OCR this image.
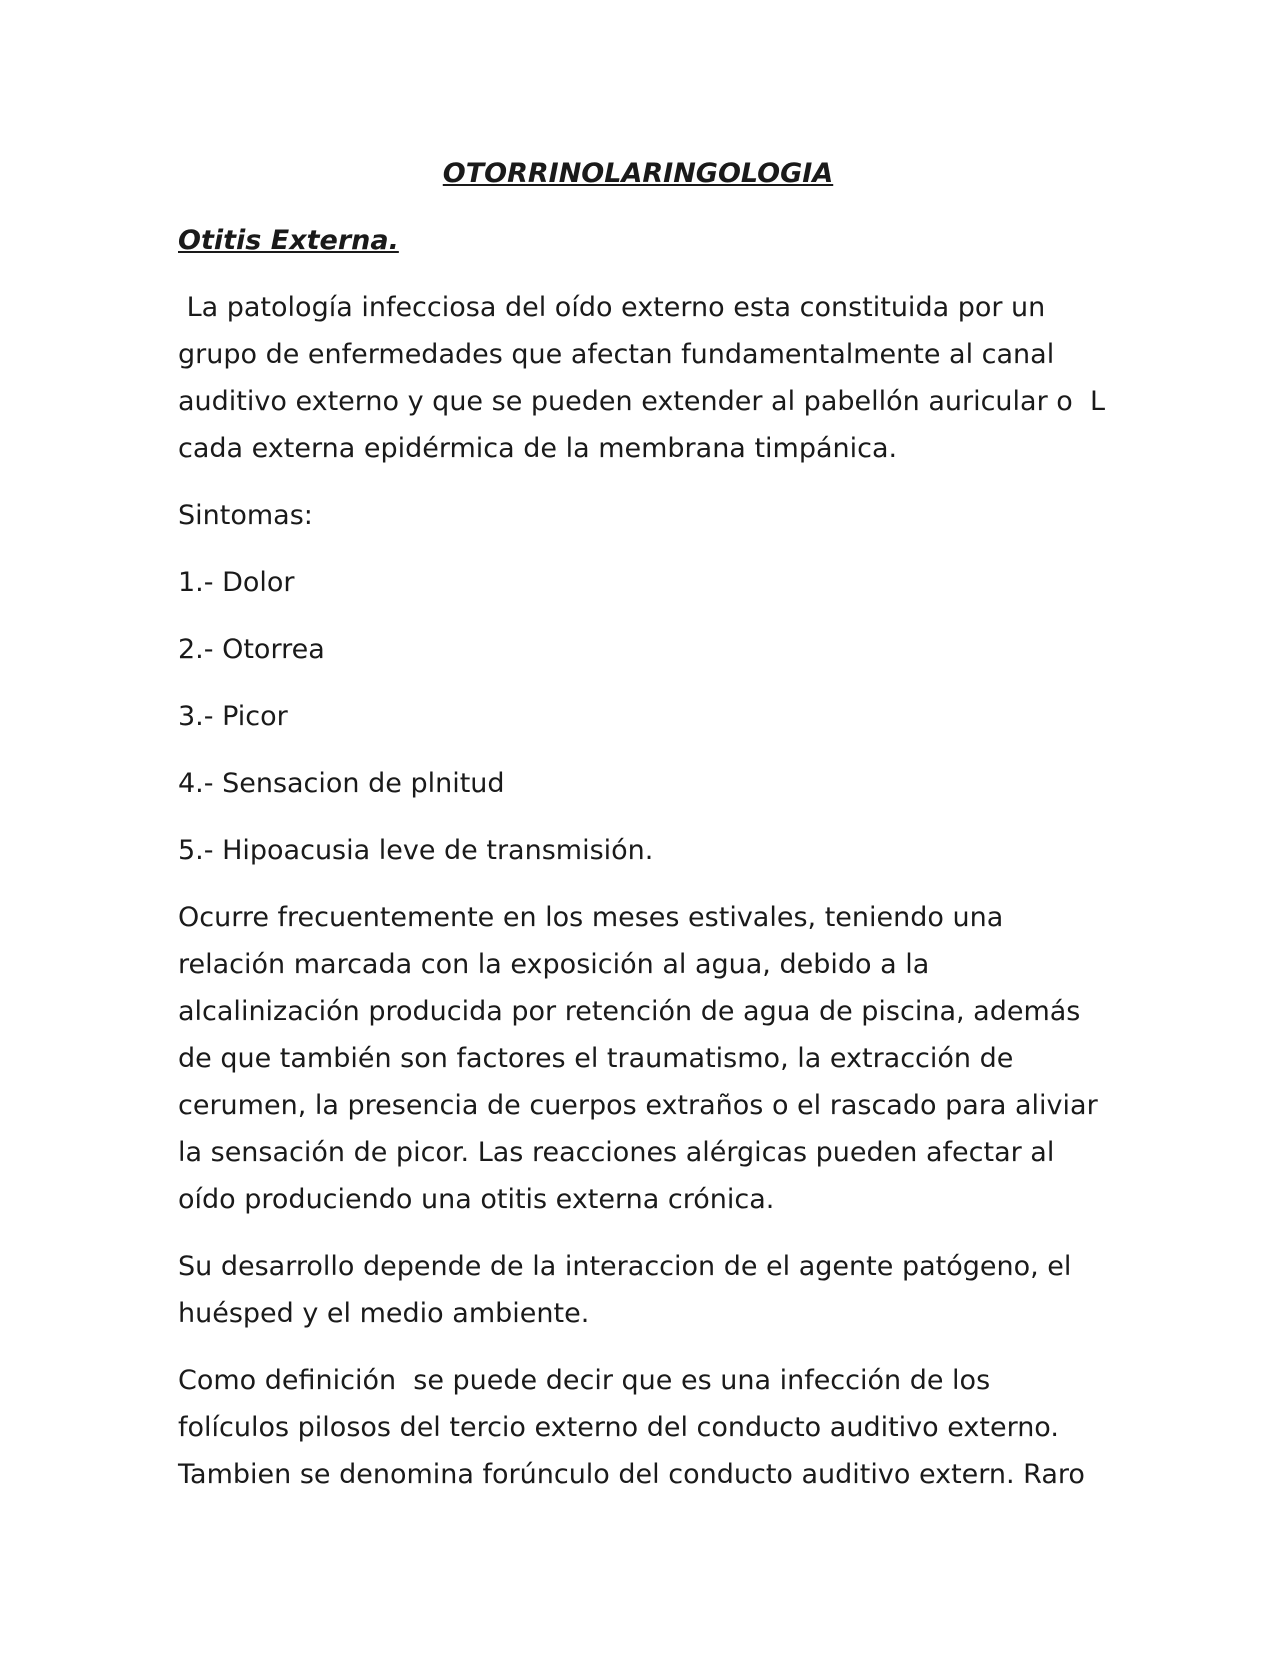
OTORRINOLARINGOLOGIA
Otitis Externa.
La patología infecciosa del oído externo esta constituida por un
grupo de enfermedades que afectan fundamentalmente al canal
auditivo externo y que se pueden extender al pabellón auricular o  L
cada externa epidérmica de la membrana timpánica.
Sintomas:
1.- Dolor
2.- Otorrea
3.- Picor
4.- Sensacion de plnitud
5.- Hipoacusia leve de transmisión.
Ocurre frecuentemente en los meses estivales, teniendo una
relación marcada con la exposición al agua, debido a la
alcalinización producida por retención de agua de piscina, además
de que también son factores el traumatismo, la extracción de
cerumen, la presencia de cuerpos extraños o el rascado para aliviar
la sensación de picor. Las reacciones alérgicas pueden afectar al
oído produciendo una otitis externa crónica.
Su desarrollo depende de la interaccion de el agente patógeno, el
huésped y el medio ambiente.
Como definición  se puede decir que es una infección de los
folículos pilosos del tercio externo del conducto auditivo externo.
Tambien se denomina forúnculo del conducto auditivo extern. Raro
